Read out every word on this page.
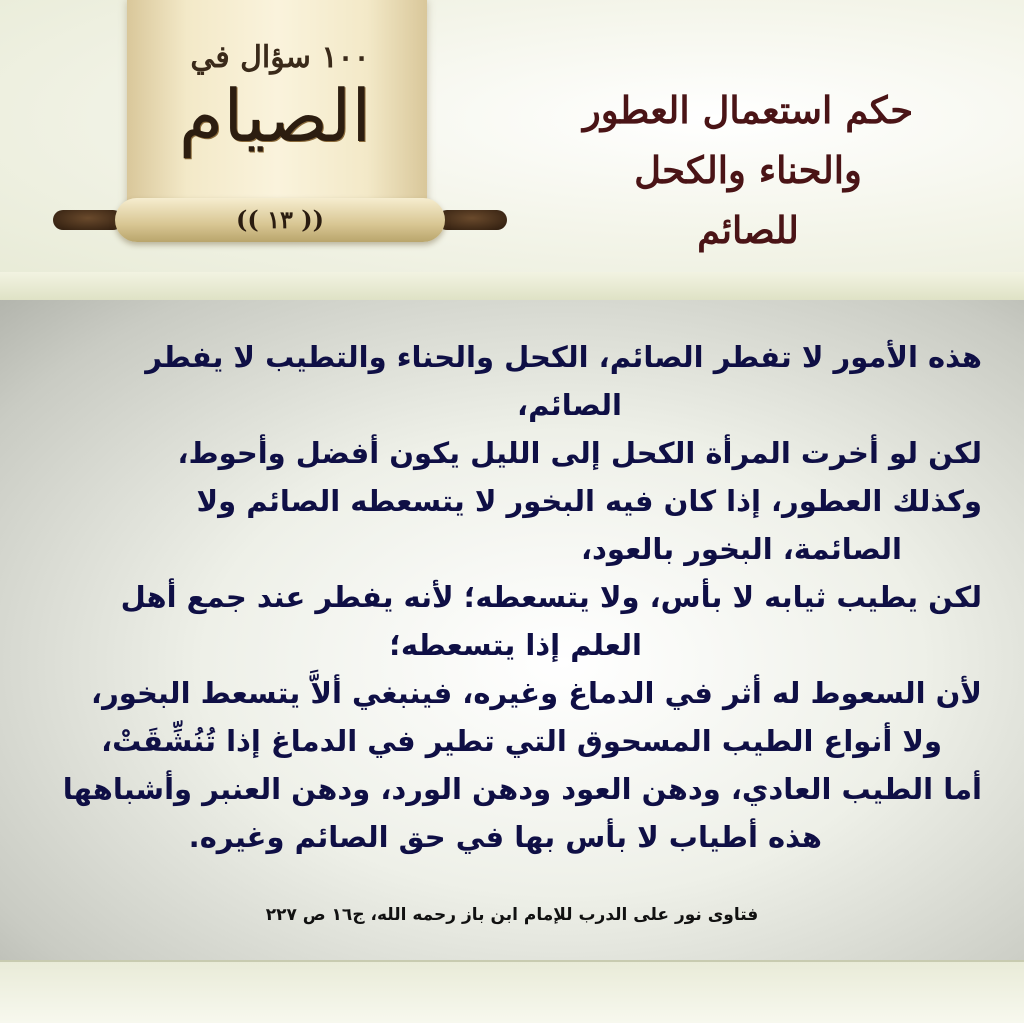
١٠٠ سؤال في
الصيام
(( ١٣ ))
حكم استعمال العطور
والحناء والكحل
للصائم
هذه الأمور لا تفطر الصائم، الكحل والحناء والتطيب لا يفطر
الصائم،
لكن لو أخرت المرأة الكحل إلى الليل يكون أفضل وأحوط،
وكذلك العطور، إذا كان فيه البخور لا يتسعطه الصائم ولا
الصائمة، البخور بالعود،
لكن يطيب ثيابه لا بأس، ولا يتسعطه؛ لأنه يفطر عند جمع أهل
العلم إذا يتسعطه؛
لأن السعوط له أثر في الدماغ وغيره، فينبغي ألاَّ يتسعط البخور،
ولا أنواع الطيب المسحوق التي تطير في الدماغ إذا تُنُشِّقَتْ،
أما الطيب العادي، ودهن العود ودهن الورد، ودهن العنبر وأشباهها
هذه أطياب لا بأس بها في حق الصائم وغيره.
فتاوى نور على الدرب للإمام ابن باز رحمه الله، ج١٦ ص ٢٢٧
